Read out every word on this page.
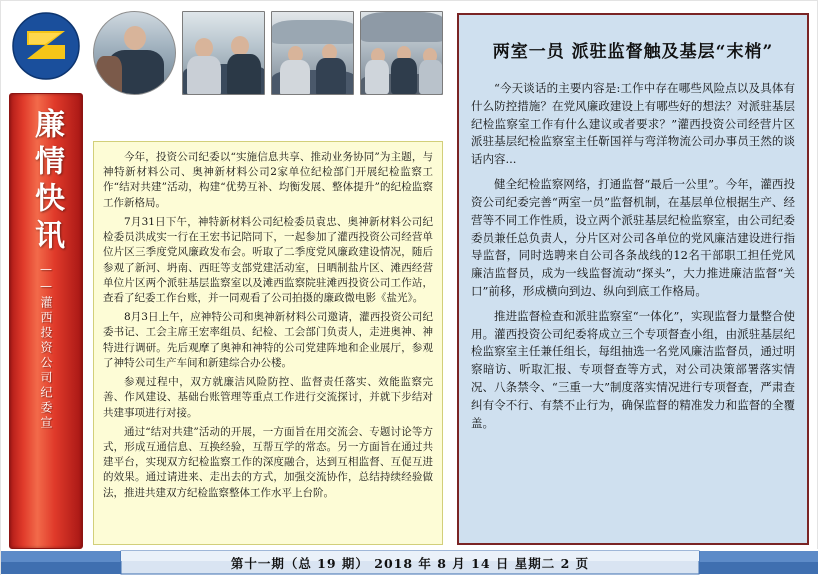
廉情快讯
——灌西投资公司纪委宣

今年，投资公司纪委以“实施信息共享、推动业务协同”为主题，与神特新材料公司、奥神新材料公司2家单位纪检部门开展纪检监察工作“结对共建”活动，构建“优势互补、均衡发展、整体提升”的纪检监察工作新格局。

7月31日下午，神特新材料公司纪检委员袁忠、奥神新材料公司纪检委员洪成实一行在王宏书记陪同下，一起参加了灌西投资公司经营单位片区三季度党风廉政发布会。听取了二季度党风廉政建设情况，随后参观了新河、坍南、西旺等支部党建活动室，日晒制盐片区、滩西经营单位片区两个派驻基层监察室以及滩西监察院驻滩西投资公司工作站，查看了纪委工作台账，并一同观看了公司拍摄的廉政微电影《盐光》。

8月3日上午，应神特公司和奥神新材料公司邀请，灌西投资公司纪委书记、工会主席王宏率组员、纪检、工会部门负责人，走进奥神、神特进行调研。先后观摩了奥神和神特的公司党建阵地和企业展厅，参观了神特公司生产车间和新建综合办公楼。

参观过程中，双方就廉洁风险防控、监督责任落实、效能监察完善、作风建设、基础台账管理等重点工作进行交流探讨，并就下步结对共建事项进行对接。

通过“结对共建”活动的开展，一方面旨在用交流会、专题讨论等方式，形成互通信息、互换经验，互帮互学的常态。另一方面旨在通过共建平台，实现双方纪检监察工作的深度融合，达到互相监督、互促互进的效果。通过请进来、走出去的方式，加强交流协作，总结持续经验做法，推进共建双方纪检监察整体工作水平上台阶。

两室一员 派驻监督触及基层“末梢”

“今天谈话的主要内容是:工作中存在哪些风险点以及具体有什么防控措施？在党风廉政建设上有哪些好的想法？对派驻基层纪检监察室工作有什么建议或者要求？”灌西投资公司经营片区派驻基层纪检监察室主任靳国祥与弯洋物流公司办事员王然的谈话内容...

健全纪检监察网络，打通监督“最后一公里”。今年，灌西投资公司纪委完善“两室一员”监督机制，在基层单位根据生产、经营等不同工作性质，设立两个派驻基层纪检监察室，由公司纪委委员兼任总负责人，分片区对公司各单位的党风廉洁建设进行指导监督，同时选聘来自公司各条战线的12名干部职工担任党风廉洁监督员，成为一线监督流动“探头”，大力推进廉洁监督“关口”前移，形成横向到边、纵向到底工作格局。

推进监督检查和派驻监察室“一体化”，实现监督力量整合使用。灌西投资公司纪委将成立三个专项督查小组，由派驻基层纪检监察室主任兼任组长，每组抽选一名党风廉洁监督员，通过明察暗访、听取汇报、专项督查等方式，对公司决策部署落实情况、八条禁令、“三重一大”制度落实情况进行专项督查，严肃查纠有令不行、有禁不止行为，确保监督的精准发力和监督的全覆盖。

第十一期（总 19 期） 2018 年 8 月 14 日 星期二 2 页
